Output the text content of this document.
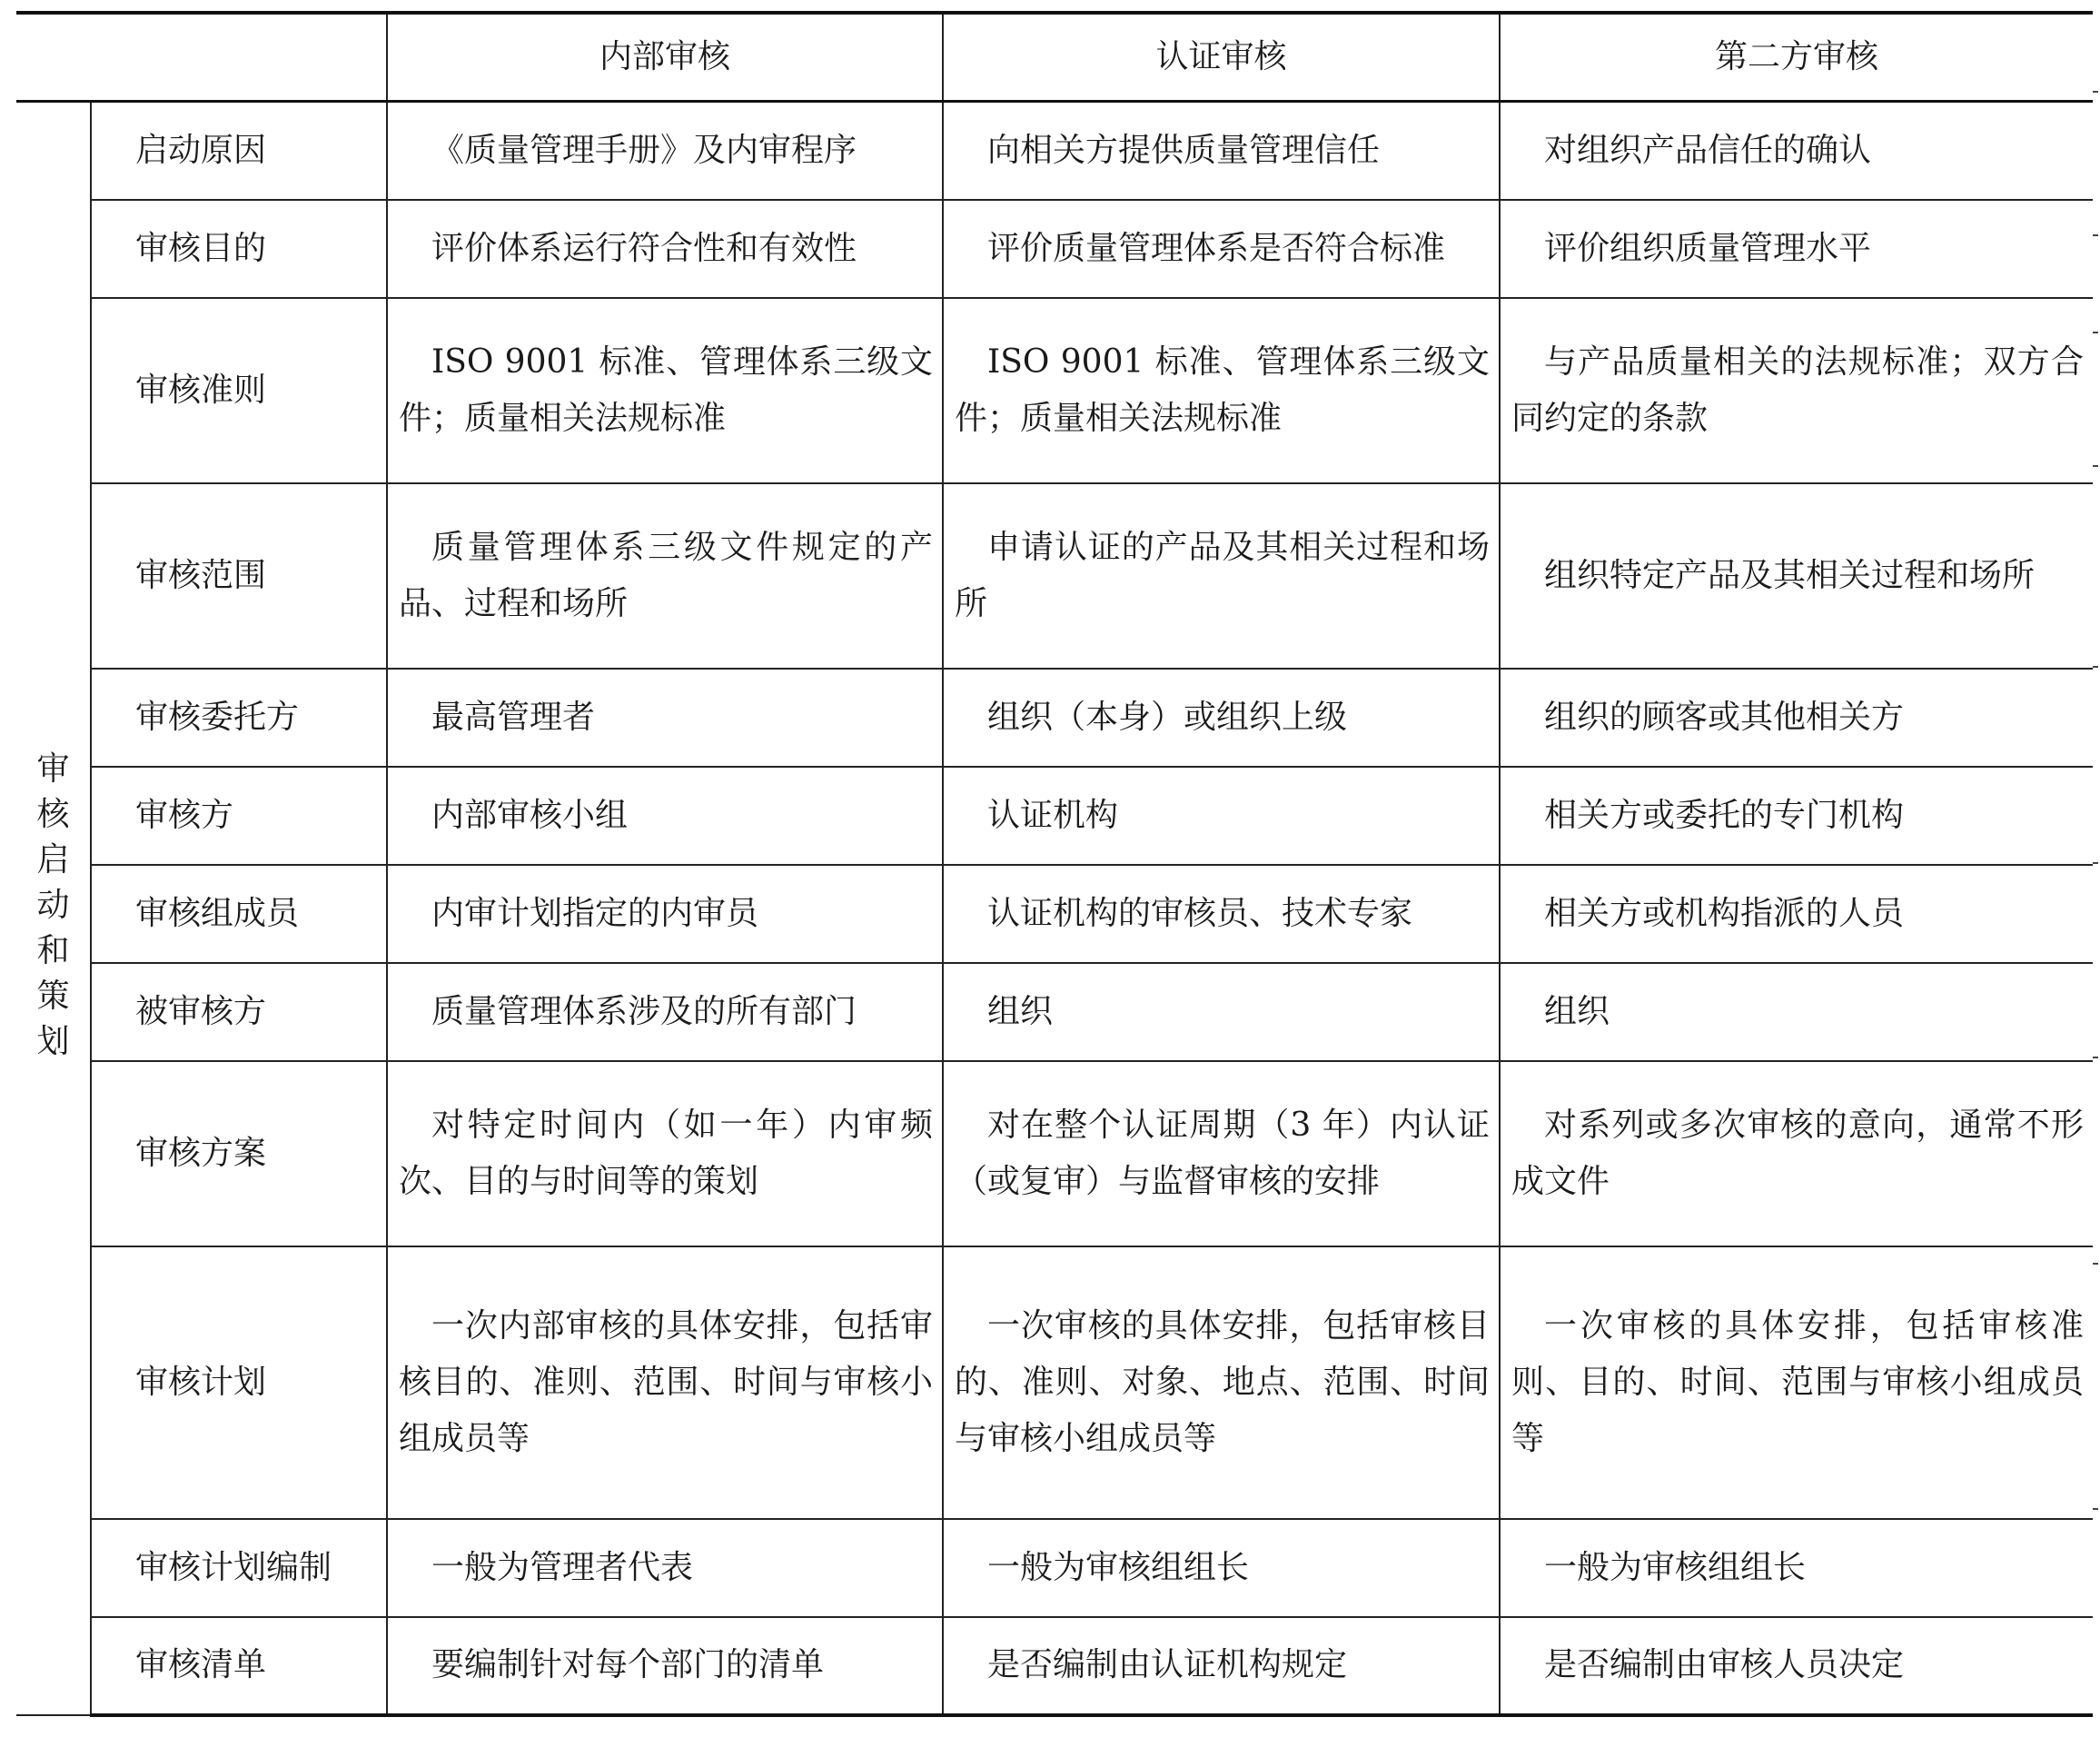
		内部审核	认证审核	第二方审核
审核启动和策划	启动原因	《质量管理手册》及内审程序	向相关方提供质量管理信任	对组织产品信任的确认
	审核目的	评价体系运行符合性和有效性	评价质量管理体系是否符合标准	评价组织质量管理水平
	审核准则	ISO 9001 标准、管理体系三级文件；质量相关法规标准	ISO 9001 标准、管理体系三级文件；质量相关法规标准	与产品质量相关的法规标准；双方合同约定的条款
	审核范围	质量管理体系三级文件规定的产品、过程和场所	申请认证的产品及其相关过程和场所	组织特定产品及其相关过程和场所
	审核委托方	最高管理者	组织（本身）或组织上级	组织的顾客或其他相关方
	审核方	内部审核小组	认证机构	相关方或委托的专门机构
	审核组成员	内审计划指定的内审员	认证机构的审核员、技术专家	相关方或机构指派的人员
	被审核方	质量管理体系涉及的所有部门	组织	组织
	审核方案	对特定时间内（如一年）内审频次、目的与时间等的策划	对在整个认证周期（3 年）内认证（或复审）与监督审核的安排	对系列或多次审核的意向，通常不形成文件
	审核计划	一次内部审核的具体安排，包括审核目的、准则、范围、时间与审核小组成员等	一次审核的具体安排，包括审核目的、准则、对象、地点、范围、时间与审核小组成员等	一次审核的具体安排，包括审核准则、目的、时间、范围与审核小组成员等
	审核计划编制	一般为管理者代表	一般为审核组组长	一般为审核组组长
	审核清单	要编制针对每个部门的清单	是否编制由认证机构规定	是否编制由审核人员决定
